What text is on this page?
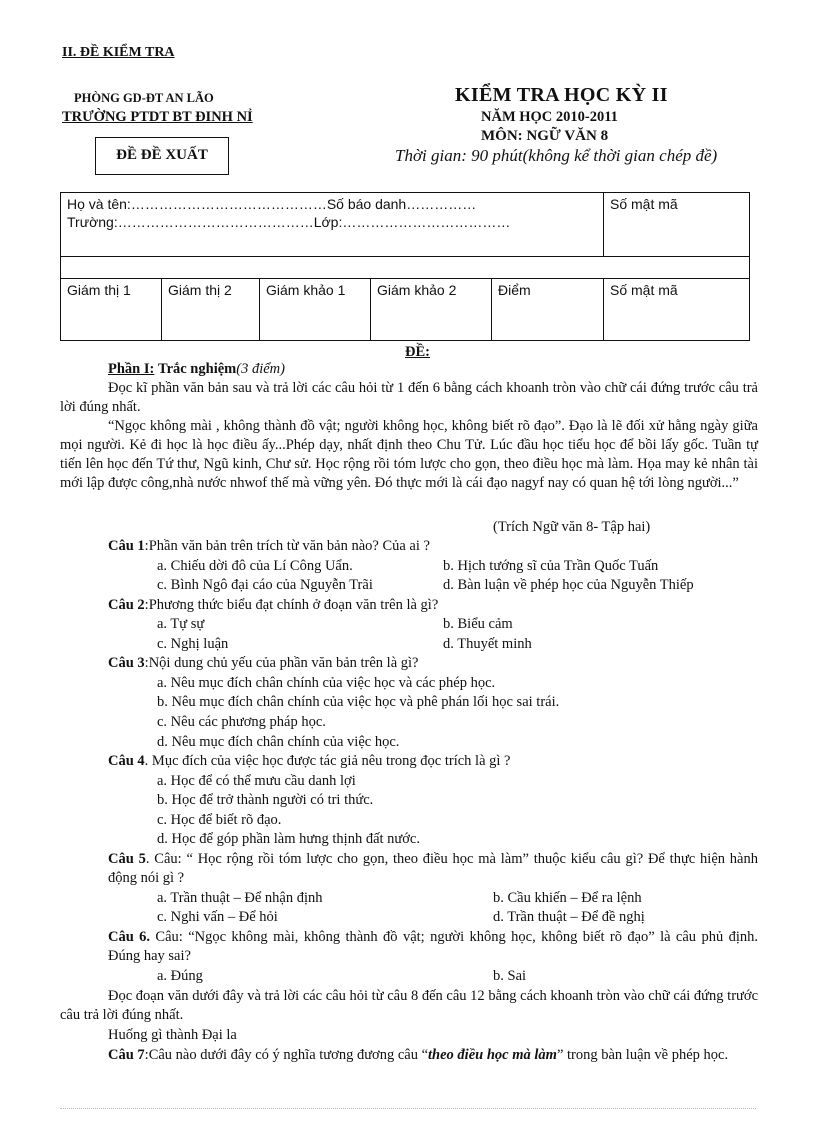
II. ĐỀ KIỂM TRA
PHÒNG GD-ĐT AN LÃO
TRƯỜNG PTDT BT ĐINH NỈ
ĐỀ ĐỀ XUẤT
KIỂM TRA HỌC KỲ II
NĂM HỌC 2010-2011
MÔN: NGỮ VĂN 8
Thời gian: 90 phút(không kể thời gian chép đề)
Họ và tên:……………………………………Số báo danh……………
Trường:……………………………………Lớp:………………………………					Số mật mã

Giám thị 1	Giám thị 2	Giám khảo 1	Giám khảo 2	Điểm	Số mật mã
ĐỀ:
Phần I: Trắc nghiệm(3 điểm)
Đọc kĩ phần văn bản sau và trả lời các câu hỏi từ 1 đến 6 bằng cách khoanh tròn vào chữ cái đứng trước câu trả lời đúng nhất.
“Ngọc không mài , không thành đồ vật; người không học, không biết rõ đạo”. Đạo là lẽ đối xử hằng ngày giữa mọi người. Kẻ đi học là học điều ấy...Phép dạy, nhất định theo Chu Tử. Lúc đầu học tiểu học để bồi lấy gốc. Tuần tự tiến lên học đến Tứ thư, Ngũ kinh, Chư sử. Học rộng rồi tóm lược cho gọn, theo điều học mà làm. Họa may kẻ nhân tài mới lập được công,nhà nước nhwof thế mà vững yên. Đó thực mới là cái đạo nagyf nay có quan hệ tới lòng người...”
(Trích Ngữ văn 8- Tập hai)
Câu 1:Phần văn bản trên trích từ văn bản nào? Của ai ?
a. Chiếu dời đô của Lí Công Uẩn.	b. Hịch tướng sĩ của Trần Quốc Tuấn
c. Bình Ngô đại cáo của Nguyễn Trãi	d. Bàn luận về phép học của Nguyễn Thiếp
Câu 2:Phương thức biểu đạt chính ở đoạn văn trên là gì?
a. Tự sự	b. Biểu cảm
c. Nghị luận	d. Thuyết minh
Câu 3:Nội dung chủ yếu của phần văn bản trên là gì?
a. Nêu mục đích chân chính của việc học và các phép học.
b. Nêu mục đích chân chính của việc học và phê phán lối học sai trái.
c. Nêu các phương pháp học.
d. Nêu mục đích chân chính của việc học.
Câu 4. Mục đích của việc học được tác giả nêu trong đọc trích là gì ?
a. Học để có thể mưu cầu danh lợi
b. Học để trở thành người có tri thức.
c. Học để biết rõ đạo.
d. Học để góp phần làm hưng thịnh đất nước.
Câu 5. Câu: “ Học rộng rồi tóm lược cho gọn, theo điều học mà làm” thuộc kiểu câu gì? Để thực hiện hành động nói gì ?
a. Trần thuật – Để nhận định	b. Cầu khiến – Để ra lệnh
c. Nghi vấn – Để hỏi	d. Trần thuật – Để đề nghị
Câu 6. Câu: “Ngọc không mài, không thành đồ vật; người không học, không biết rõ đạo” là câu phủ định. Đúng hay sai?
a. Đúng	b. Sai
Đọc đoạn văn dưới đây và trả lời các câu hỏi từ câu 8 đến câu 12 bằng cách khoanh tròn vào chữ cái đứng trước câu trả lời đúng nhất.
Huống gì thành Đại la
Câu 7:Câu nào dưới đây có ý nghĩa tương đương câu “theo điều học mà làm” trong bàn luận về phép học.
